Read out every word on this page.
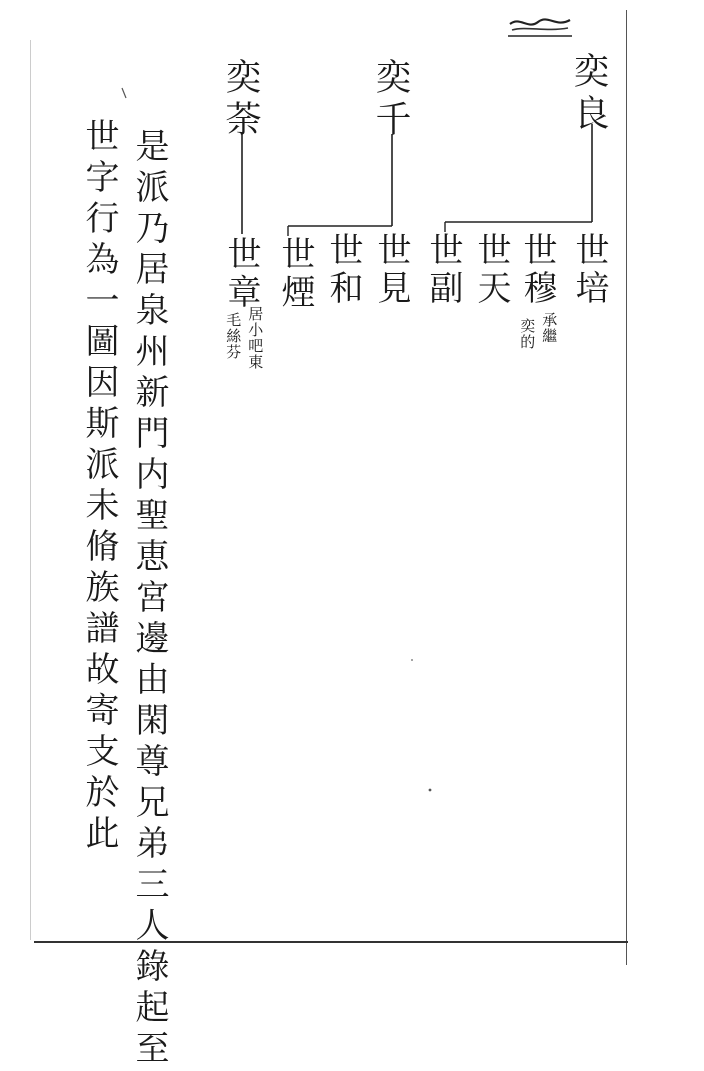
奕良
奕千
奕荼
世培
世穆
世天
世副
世見
世和
世煙
世章
承繼
奕的
居小吧東
毛絲芬
是派乃居泉州新門内聖恵宮邊由閑尊兄弟三人錄起至
世字行為一圖因斯派未脩族譜故寄支於此
